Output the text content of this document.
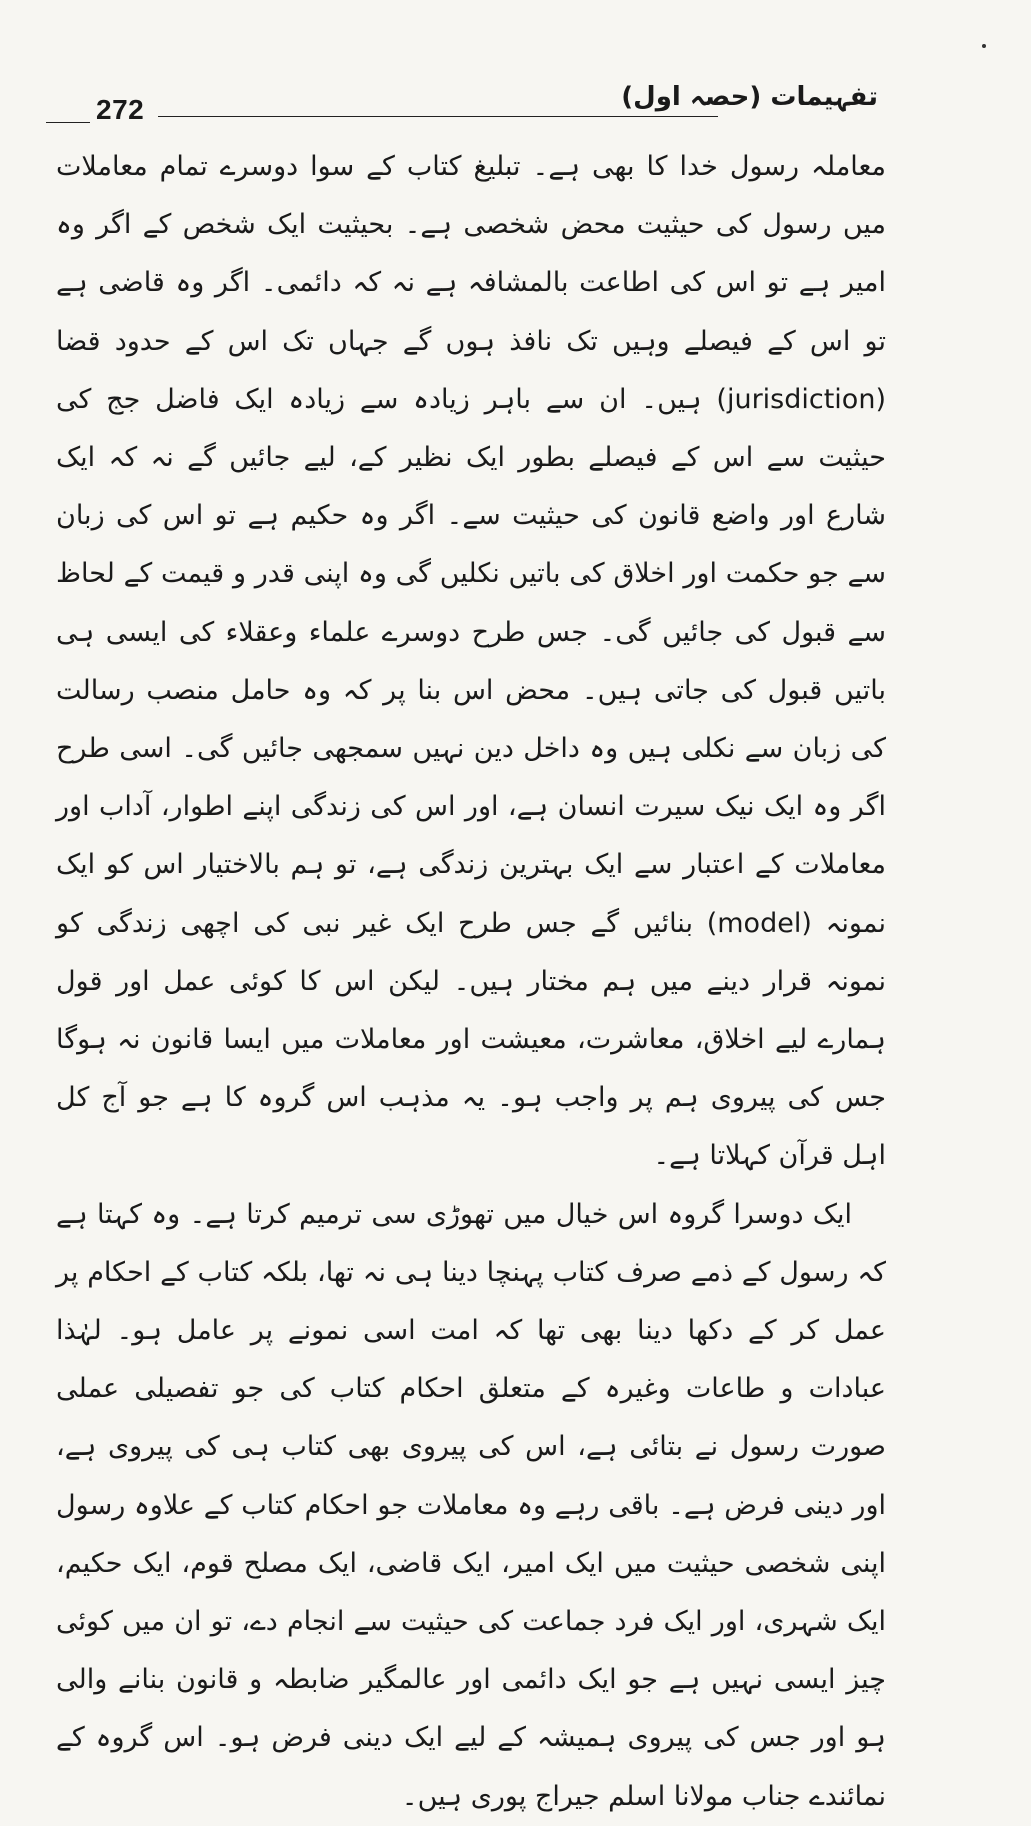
272	تفہیمات (حصہ اول)

معاملہ رسول خدا کا بھی ہے۔ تبلیغ کتاب کے سوا دوسرے تمام معاملات میں رسول کی حیثیت محض شخصی ہے۔ بحیثیت ایک شخص کے اگر وہ امیر ہے تو اس کی اطاعت بالمشافہ ہے نہ کہ دائمی۔ اگر وہ قاضی ہے تو اس کے فیصلے وہیں تک نافذ ہوں گے جہاں تک اس کے حدود قضا (jurisdiction) ہیں۔ ان سے باہر زیادہ سے زیادہ ایک فاضل جج کی حیثیت سے اس کے فیصلے بطور ایک نظیر کے، لیے جائیں گے نہ کہ ایک شارع اور واضع قانون کی حیثیت سے۔ اگر وہ حکیم ہے تو اس کی زبان سے جو حکمت اور اخلاق کی باتیں نکلیں گی وہ اپنی قدر و قیمت کے لحاظ سے قبول کی جائیں گی۔ جس طرح دوسرے علماء وعقلاء کی ایسی ہی باتیں قبول کی جاتی ہیں۔ محض اس بنا پر کہ وہ حامل منصب رسالت کی زبان سے نکلی ہیں وہ داخل دین نہیں سمجھی جائیں گی۔ اسی طرح اگر وہ ایک نیک سیرت انسان ہے، اور اس کی زندگی اپنے اطوار، آداب اور معاملات کے اعتبار سے ایک بہترین زندگی ہے، تو ہم بالاختیار اس کو ایک نمونہ (model) بنائیں گے جس طرح ایک غیر نبی کی اچھی زندگی کو نمونہ قرار دینے میں ہم مختار ہیں۔ لیکن اس کا کوئی عمل اور قول ہمارے لیے اخلاق، معاشرت، معیشت اور معاملات میں ایسا قانون نہ ہوگا جس کی پیروی ہم پر واجب ہو۔ یہ مذہب اس گروہ کا ہے جو آج کل اہل قرآن کہلاتا ہے۔

ایک دوسرا گروہ اس خیال میں تھوڑی سی ترمیم کرتا ہے۔ وہ کہتا ہے کہ رسول کے ذمے صرف کتاب پہنچا دینا ہی نہ تھا، بلکہ کتاب کے احکام پر عمل کر کے دکھا دینا بھی تھا کہ امت اسی نمونے پر عامل ہو۔ لہٰذا عبادات و طاعات وغیرہ کے متعلق احکام کتاب کی جو تفصیلی عملی صورت رسول نے بتائی ہے، اس کی پیروی بھی کتاب ہی کی پیروی ہے، اور دینی فرض ہے۔ باقی رہے وہ معاملات جو احکام کتاب کے علاوہ رسول اپنی شخصی حیثیت میں ایک امیر، ایک قاضی، ایک مصلح قوم، ایک حکیم، ایک شہری، اور ایک فرد جماعت کی حیثیت سے انجام دے، تو ان میں کوئی چیز ایسی نہیں ہے جو ایک دائمی اور عالمگیر ضابطہ و قانون بنانے والی ہو اور جس کی پیروی ہمیشہ کے لیے ایک دینی فرض ہو۔ اس گروہ کے نمائندے جناب مولانا اسلم جیراج پوری ہیں۔
